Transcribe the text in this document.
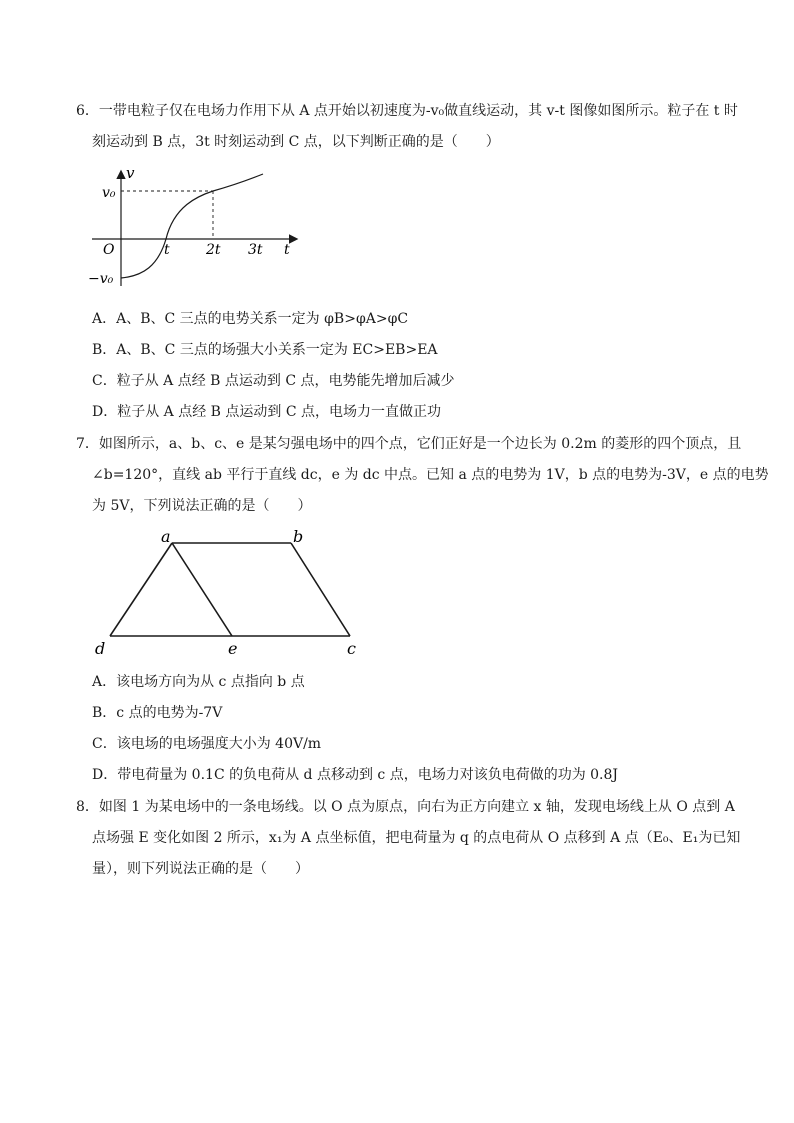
6．一带电粒子仅在电场力作用下从 A 点开始以初速度为-v₀做直线运动，其 v-t 图像如图所示。粒子在 t 时
刻运动到 B 点，3t 时刻运动到 C 点，以下判断正确的是（　　）
v
v₀
O	t	2t 3t t
−v₀
A．A、B、C 三点的电势关系一定为 φB>φA>φC
B．A、B、C 三点的场强大小关系一定为 EC>EB>EA
C．粒子从 A 点经 B 点运动到 C 点，电势能先增加后减少
D．粒子从 A 点经 B 点运动到 C 点，电场力一直做正功
7．如图所示，a、b、c、e 是某匀强电场中的四个点，它们正好是一个边长为 0.2m 的菱形的四个顶点，且
∠b=120°，直线 ab 平行于直线 dc，e 为 dc 中点。已知 a 点的电势为 1V，b 点的电势为-3V，e 点的电势
为 5V，下列说法正确的是（　　）
a	b
d	e	c
A．该电场方向为从 c 点指向 b 点
B．c 点的电势为-7V
C．该电场的电场强度大小为 40V/m
D．带电荷量为 0.1C 的负电荷从 d 点移动到 c 点，电场力对该负电荷做的功为 0.8J
8．如图 1 为某电场中的一条电场线。以 O 点为原点，向右为正方向建立 x 轴，发现电场线上从 O 点到 A
点场强 E 变化如图 2 所示，x₁为 A 点坐标值，把电荷量为 q 的点电荷从 O 点移到 A 点（E₀、E₁为已知
量），则下列说法正确的是（　　）
